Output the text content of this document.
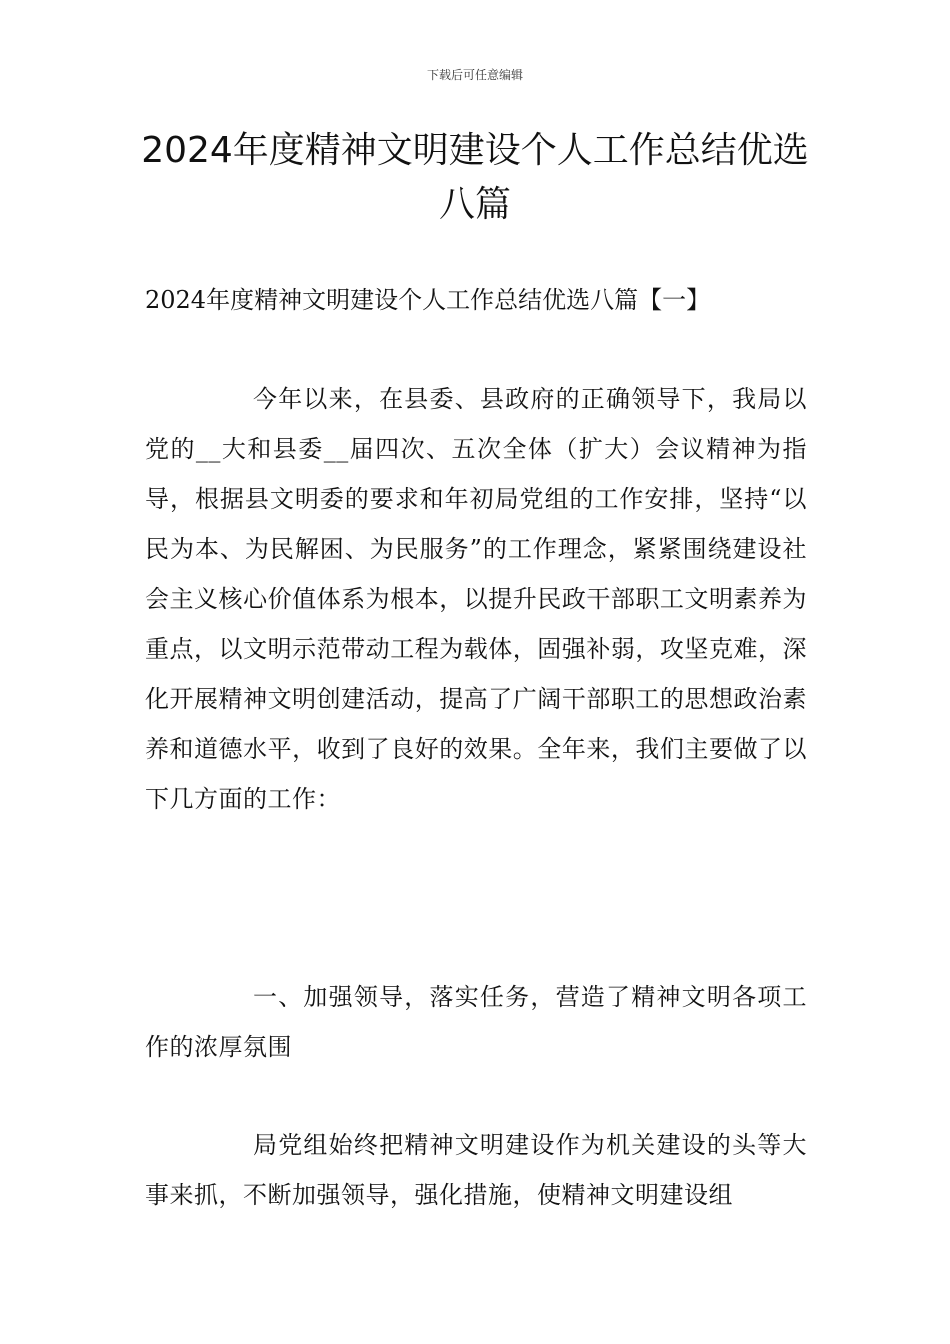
下载后可任意编辑
2024年度精神文明建设个人工作总结优选八篇
2024年度精神文明建设个人工作总结优选八篇【一】

今年以来，在县委、县政府的正确领导下，我局以党的__大和县委__届四次、五次全体（扩大）会议精神为指导，根据县文明委的要求和年初局党组的工作安排，坚持“以民为本、为民解困、为民服务”的工作理念，紧紧围绕建设社会主义核心价值体系为根本，以提升民政干部职工文明素养为重点，以文明示范带动工程为载体，固强补弱，攻坚克难，深化开展精神文明创建活动，提高了广阔干部职工的思想政治素养和道德水平，收到了良好的效果。全年来，我们主要做了以下几方面的工作：

一、加强领导，落实任务，营造了精神文明各项工作的浓厚氛围

局党组始终把精神文明建设作为机关建设的头等大事来抓，不断加强领导，强化措施，使精神文明建设组
